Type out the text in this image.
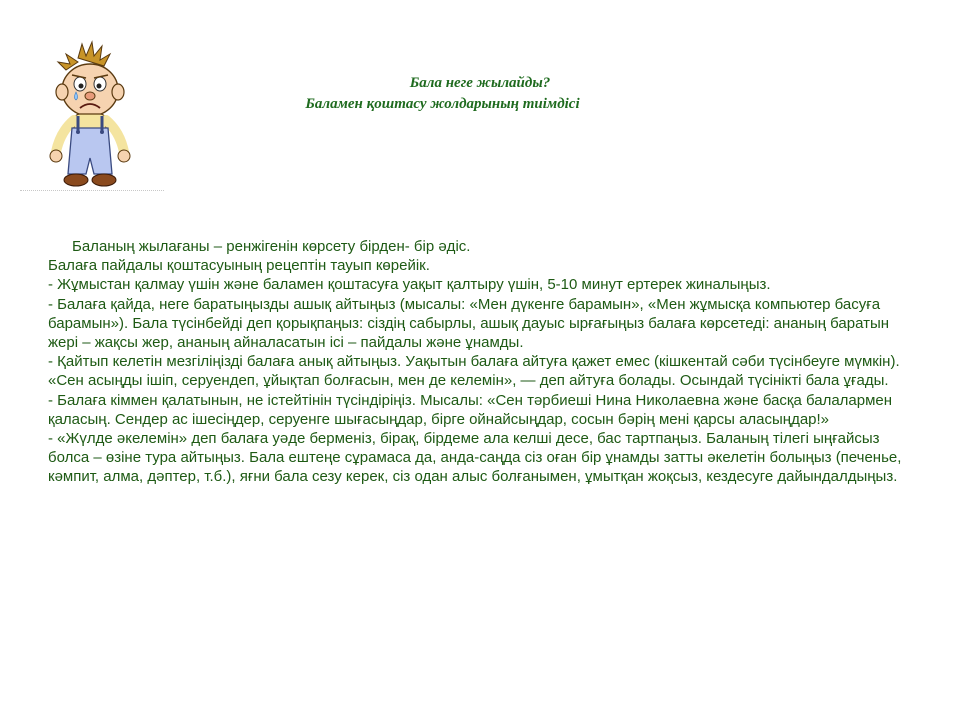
Бала неге жылайды?
Баламен қоштасу жолдарының тиімдісі

Баланың жылағаны – ренжігенін көрсету бірден- бір әдіс.

Балаға пайдалы қоштасуының рецептін тауып көрейік.

- Жұмыстан қалмау үшін және баламен қоштасуға уақыт қалтыру үшін, 5-10 минут ертерек жиналыңыз.

- Балаға қайда, неге баратыңызды ашық айтыңыз (мысалы: «Мен дүкенге барамын», «Мен жұмысқа компьютер басуға барамын»). Бала түсінбейді деп қорықпаңыз: сіздің сабырлы, ашық дауыс ырғағыңыз балаға көрсетеді: ананың баратын жері – жақсы жер, ананың айналасатын ісі – пайдалы және ұнамды.

- Қайтып келетін мезгіліңізді балаға анық айтыңыз. Уақытын балаға айтуға қажет емес (кішкентай сәби түсінбеуге мүмкін). «Сен асыңды ішіп, серуендеп, ұйықтап болғасын, мен де келемін», — деп айтуға болады. Осындай түсінікті бала ұғады.

- Балаға кіммен қалатынын, не істейтінін түсіндіріңіз. Мысалы: «Сен тәрбиеші Нина Николаевна және басқа балалармен қаласың. Сендер ас ішесіңдер, серуенге шығасыңдар, бірге ойнайсыңдар, сосын бәрің мені қарсы аласыңдар!»

- «Жүлде әкелемін» деп балаға уәде берменіз, бірақ, бірдеме ала келші десе, бас тартпаңыз. Баланың тілегі ыңғайсыз болса – өзіне тура айтыңыз. Бала ештеңе сұрамаса да, анда-саңда сіз оған бір ұнамды затты әкелетін болыңыз (печенье, кәмпит, алма, дәптер, т.б.), яғни бала сезу керек, сіз одан алыс болғанымен, ұмытқан жоқсыз, кездесуге дайындалдыңыз.
